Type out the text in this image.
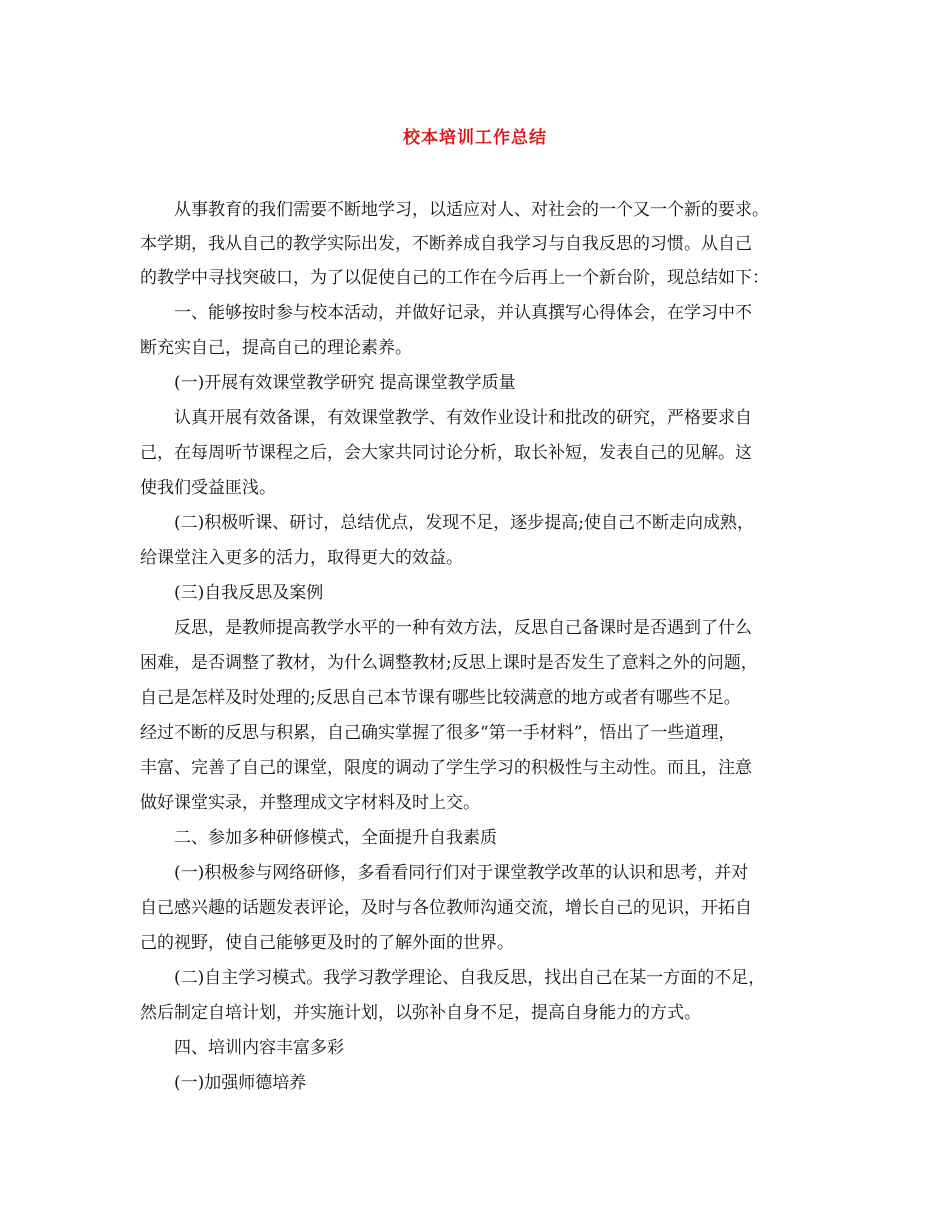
校本培训工作总结
从事教育的我们需要不断地学习，以适应对人、对社会的一个又一个新的要求。
本学期，我从自己的教学实际出发，不断养成自我学习与自我反思的习惯。从自己
的教学中寻找突破口，为了以促使自己的工作在今后再上一个新台阶，现总结如下：
一、能够按时参与校本活动，并做好记录，并认真撰写心得体会，在学习中不
断充实自己，提高自己的理论素养。
(一)开展有效课堂教学研究 提高课堂教学质量
认真开展有效备课，有效课堂教学、有效作业设计和批改的研究，严格要求自
己，在每周听节课程之后，会大家共同讨论分析，取长补短，发表自己的见解。这
使我们受益匪浅。
(二)积极听课、研讨，总结优点，发现不足，逐步提高;使自己不断走向成熟，
给课堂注入更多的活力，取得更大的效益。
(三)自我反思及案例
反思，是教师提高教学水平的一种有效方法，反思自己备课时是否遇到了什么
困难，是否调整了教材，为什么调整教材;反思上课时是否发生了意料之外的问题，
自己是怎样及时处理的;反思自己本节课有哪些比较满意的地方或者有哪些不足。
经过不断的反思与积累，自己确实掌握了很多“第一手材料”，悟出了一些道理，
丰富、完善了自己的课堂，限度的调动了学生学习的积极性与主动性。而且，注意
做好课堂实录，并整理成文字材料及时上交。
二、参加多种研修模式，全面提升自我素质
(一)积极参与网络研修，多看看同行们对于课堂教学改革的认识和思考，并对
自己感兴趣的话题发表评论，及时与各位教师沟通交流，增长自己的见识，开拓自
己的视野，使自己能够更及时的了解外面的世界。
(二)自主学习模式。我学习教学理论、自我反思，找出自己在某一方面的不足，
然后制定自培计划，并实施计划，以弥补自身不足，提高自身能力的方式。
四、培训内容丰富多彩
(一)加强师德培养
